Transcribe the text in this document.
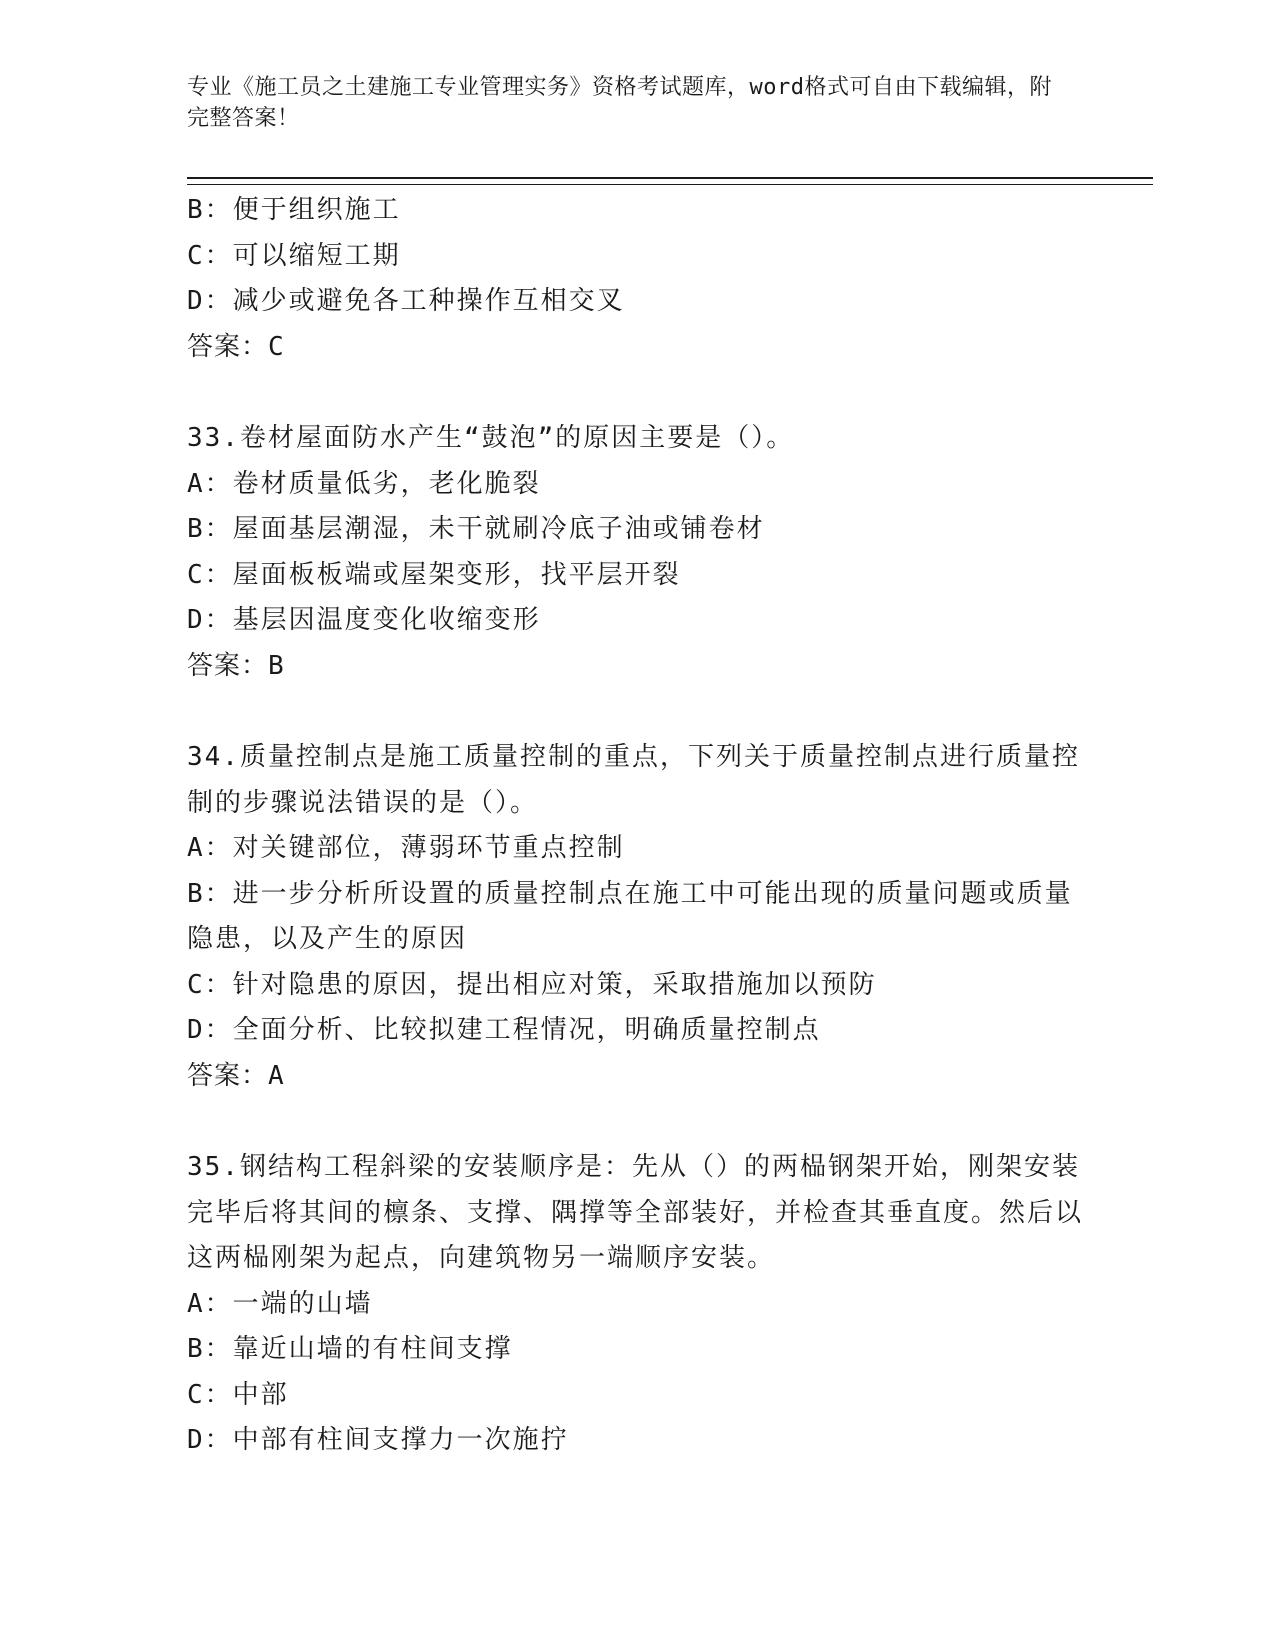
专业《施工员之土建施工专业管理实务》资格考试题库，word格式可自由下载编辑，附完整答案！

B：便于组织施工

C：可以缩短工期

D：减少或避免各工种操作互相交叉

答案：C

33.卷材屋面防水产生“鼓泡”的原因主要是（）。

A：卷材质量低劣，老化脆裂

B：屋面基层潮湿，未干就刷冷底子油或铺卷材

C：屋面板板端或屋架变形，找平层开裂

D：基层因温度变化收缩变形

答案：B

34.质量控制点是施工质量控制的重点，下列关于质量控制点进行质量控制的步骤说法错误的是（）。

A：对关键部位，薄弱环节重点控制

B：进一步分析所设置的质量控制点在施工中可能出现的质量问题或质量隐患，以及产生的原因

C：针对隐患的原因，提出相应对策，采取措施加以预防

D：全面分析、比较拟建工程情况，明确质量控制点

答案：A

35.钢结构工程斜梁的安装顺序是：先从（）的两榀钢架开始，刚架安装完毕后将其间的檩条、支撑、隅撑等全部装好，并检查其垂直度。然后以这两榀刚架为起点，向建筑物另一端顺序安装。

A：一端的山墙

B：靠近山墙的有柱间支撑

C：中部

D：中部有柱间支撑力一次施拧
